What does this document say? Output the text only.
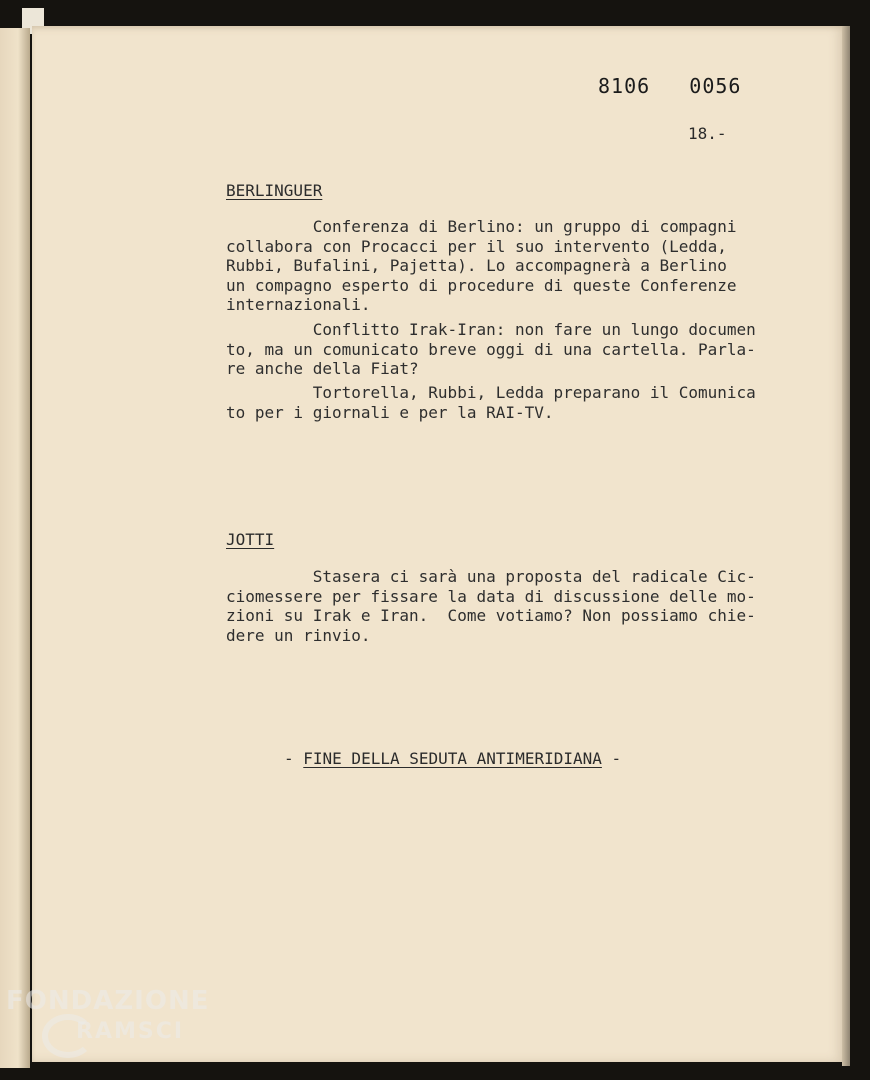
8106   0056
18.-
BERLINGUER

Conferenza di Berlino: un gruppo di compagni
collabora con Procacci per il suo intervento (Ledda,
Rubbi, Bufalini, Pajetta). Lo accompagnerà a Berlino
un compagno esperto di procedure di queste Conferenze
internazionali.

Conflitto Irak-Iran: non fare un lungo documen
to, ma un comunicato breve oggi di una cartella. Parla-
re anche della Fiat?

Tortorella, Rubbi, Ledda preparano il Comunica
to per i giornali e per la RAI-TV.

JOTTI

Stasera ci sarà una proposta del radicale Cic-
ciomessere per fissare la data di discussione delle mo-
zioni su Irak e Iran.  Come votiamo? Non possiamo chie-
dere un rinvio.

- FINE DELLA SEDUTA ANTIMERIDIANA -
FONDAZIONE
RAMSCI
